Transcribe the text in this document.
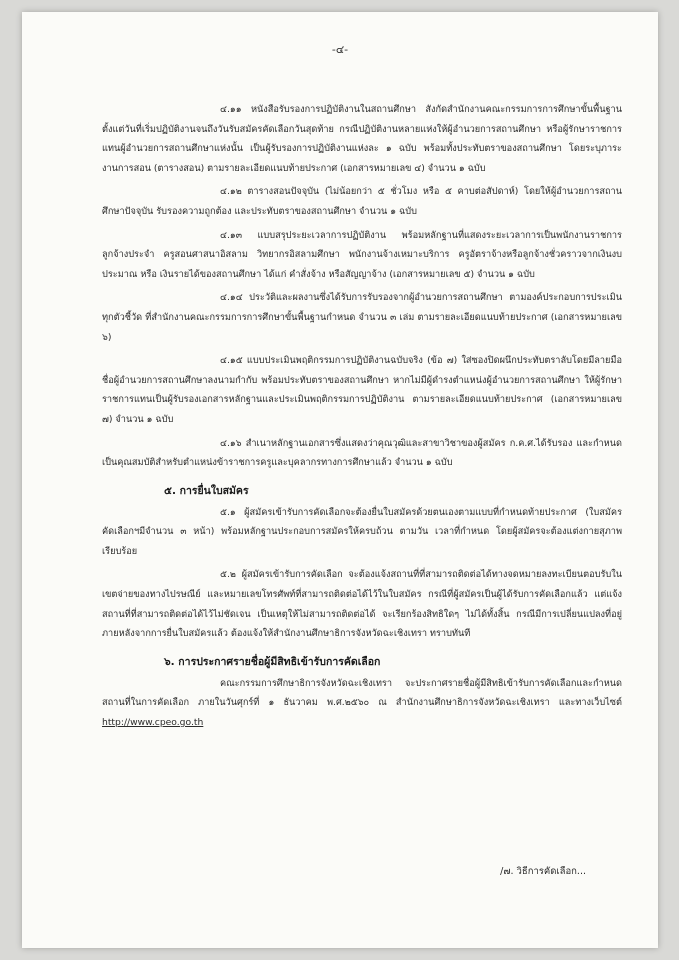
-๔-

๔.๑๑ หนังสือรับรองการปฏิบัติงานในสถานศึกษา สังกัดสำนักงานคณะกรรมการการศึกษาขั้นพื้นฐาน ตั้งแต่วันที่เริ่มปฏิบัติงานจนถึงวันรับสมัครคัดเลือกวันสุดท้าย กรณีปฏิบัติงานหลายแห่งให้ผู้อำนวยการสถานศึกษา หรือผู้รักษาราชการแทนผู้อำนวยการสถานศึกษาแห่งนั้น เป็นผู้รับรองการปฏิบัติงานแห่งละ ๑ ฉบับ พร้อมทั้งประทับตราของสถานศึกษา โดยระบุภาระงานการสอน (ตารางสอน) ตามรายละเอียดแนบท้ายประกาศ (เอกสารหมายเลข ๔) จำนวน ๑ ฉบับ

๔.๑๒ ตารางสอนปัจจุบัน (ไม่น้อยกว่า ๕ ชั่วโมง หรือ ๕ คาบต่อสัปดาห์) โดยให้ผู้อำนวยการสถานศึกษาปัจจุบัน รับรองความถูกต้อง และประทับตราของสถานศึกษา จำนวน ๑ ฉบับ

๔.๑๓ แบบสรุประยะเวลาการปฏิบัติงาน พร้อมหลักฐานที่แสดงระยะเวลาการเป็นพนักงานราชการ ลูกจ้างประจำ ครูสอนศาสนาอิสลาม วิทยากรอิสลามศึกษา พนักงานจ้างเหมาะบริการ ครูอัตราจ้างหรือลูกจ้างชั่วคราวจากเงินงบประมาณ หรือ เงินรายได้ของสถานศึกษา ได้แก่ คำสั่งจ้าง หรือสัญญาจ้าง (เอกสารหมายเลข ๕) จำนวน ๑ ฉบับ

๔.๑๔ ประวัติและผลงานซึ่งได้รับการรับรองจากผู้อำนวยการสถานศึกษา ตามองค์ประกอบการประเมินทุกตัวชี้วัด ที่สำนักงานคณะกรรมการการศึกษาขั้นพื้นฐานกำหนด จำนวน ๓ เล่ม ตามรายละเอียดแนบท้ายประกาศ (เอกสารหมายเลข ๖)

๔.๑๕ แบบประเมินพฤติกรรมการปฏิบัติงานฉบับจริง (ข้อ ๗) ใส่ซองปิดผนึกประทับตราลับโดยมีลายมือชื่อผู้อำนวยการสถานศึกษาลงนามกำกับ พร้อมประทับตราของสถานศึกษา หากไม่มีผู้ดำรงตำแหน่งผู้อำนวยการสถานศึกษา ให้ผู้รักษาราชการแทนเป็นผู้รับรองเอกสารหลักฐานและประเมินพฤติกรรมการปฏิบัติงาน ตามรายละเอียดแนบท้ายประกาศ (เอกสารหมายเลข ๗) จำนวน ๑ ฉบับ

๔.๑๖ สำเนาหลักฐานเอกสารซึ่งแสดงว่าคุณวุฒิและสาขาวิชาของผู้สมัคร ก.ค.ศ.ได้รับรอง และกำหนดเป็นคุณสมบัติสำหรับตำแหน่งข้าราชการครูและบุคลากรทางการศึกษาแล้ว จำนวน ๑ ฉบับ

๕. การยื่นใบสมัคร

๕.๑ ผู้สมัครเข้ารับการคัดเลือกจะต้องยื่นใบสมัครด้วยตนเองตามแบบที่กำหนดท้ายประกาศ (ใบสมัครคัดเลือกฯมีจำนวน ๓ หน้า) พร้อมหลักฐานประกอบการสมัครให้ครบถ้วน ตามวัน เวลาที่กำหนด โดยผู้สมัครจะต้องแต่งกายสุภาพ เรียบร้อย

๕.๒ ผู้สมัครเข้ารับการคัดเลือก จะต้องแจ้งสถานที่ที่สามารถติดต่อได้ทางจดหมายลงทะเบียนตอบรับในเขตจ่ายของทางไปรษณีย์ และหมายเลขโทรศัพท์ที่สามารถติดต่อได้ไว้ในใบสมัคร กรณีที่ผู้สมัครเป็นผู้ได้รับการคัดเลือกแล้ว แต่แจ้งสถานที่ที่สามารถติดต่อได้ไว้ไม่ชัดเจน เป็นเหตุให้ไม่สามารถติดต่อได้ จะเรียกร้องสิทธิใดๆ ไม่ได้ทั้งสิ้น กรณีมีการเปลี่ยนแปลงที่อยู่ภายหลังจากการยื่นใบสมัครแล้ว ต้องแจ้งให้สำนักงานศึกษาธิการจังหวัดฉะเชิงเทรา ทราบทันที

๖. การประกาศรายชื่อผู้มีสิทธิเข้ารับการคัดเลือก

คณะกรรมการศึกษาธิการจังหวัดฉะเชิงเทรา จะประกาศรายชื่อผู้มีสิทธิเข้ารับการคัดเลือกและกำหนดสถานที่ในการคัดเลือก ภายในวันศุกร์ที่ ๑ ธันวาคม พ.ศ.๒๕๖๐ ณ สำนักงานศึกษาธิการจังหวัดฉะเชิงเทรา และทางเว็บไซต์ http://www.cpeo.go.th

/๗. วิธีการคัดเลือก...
